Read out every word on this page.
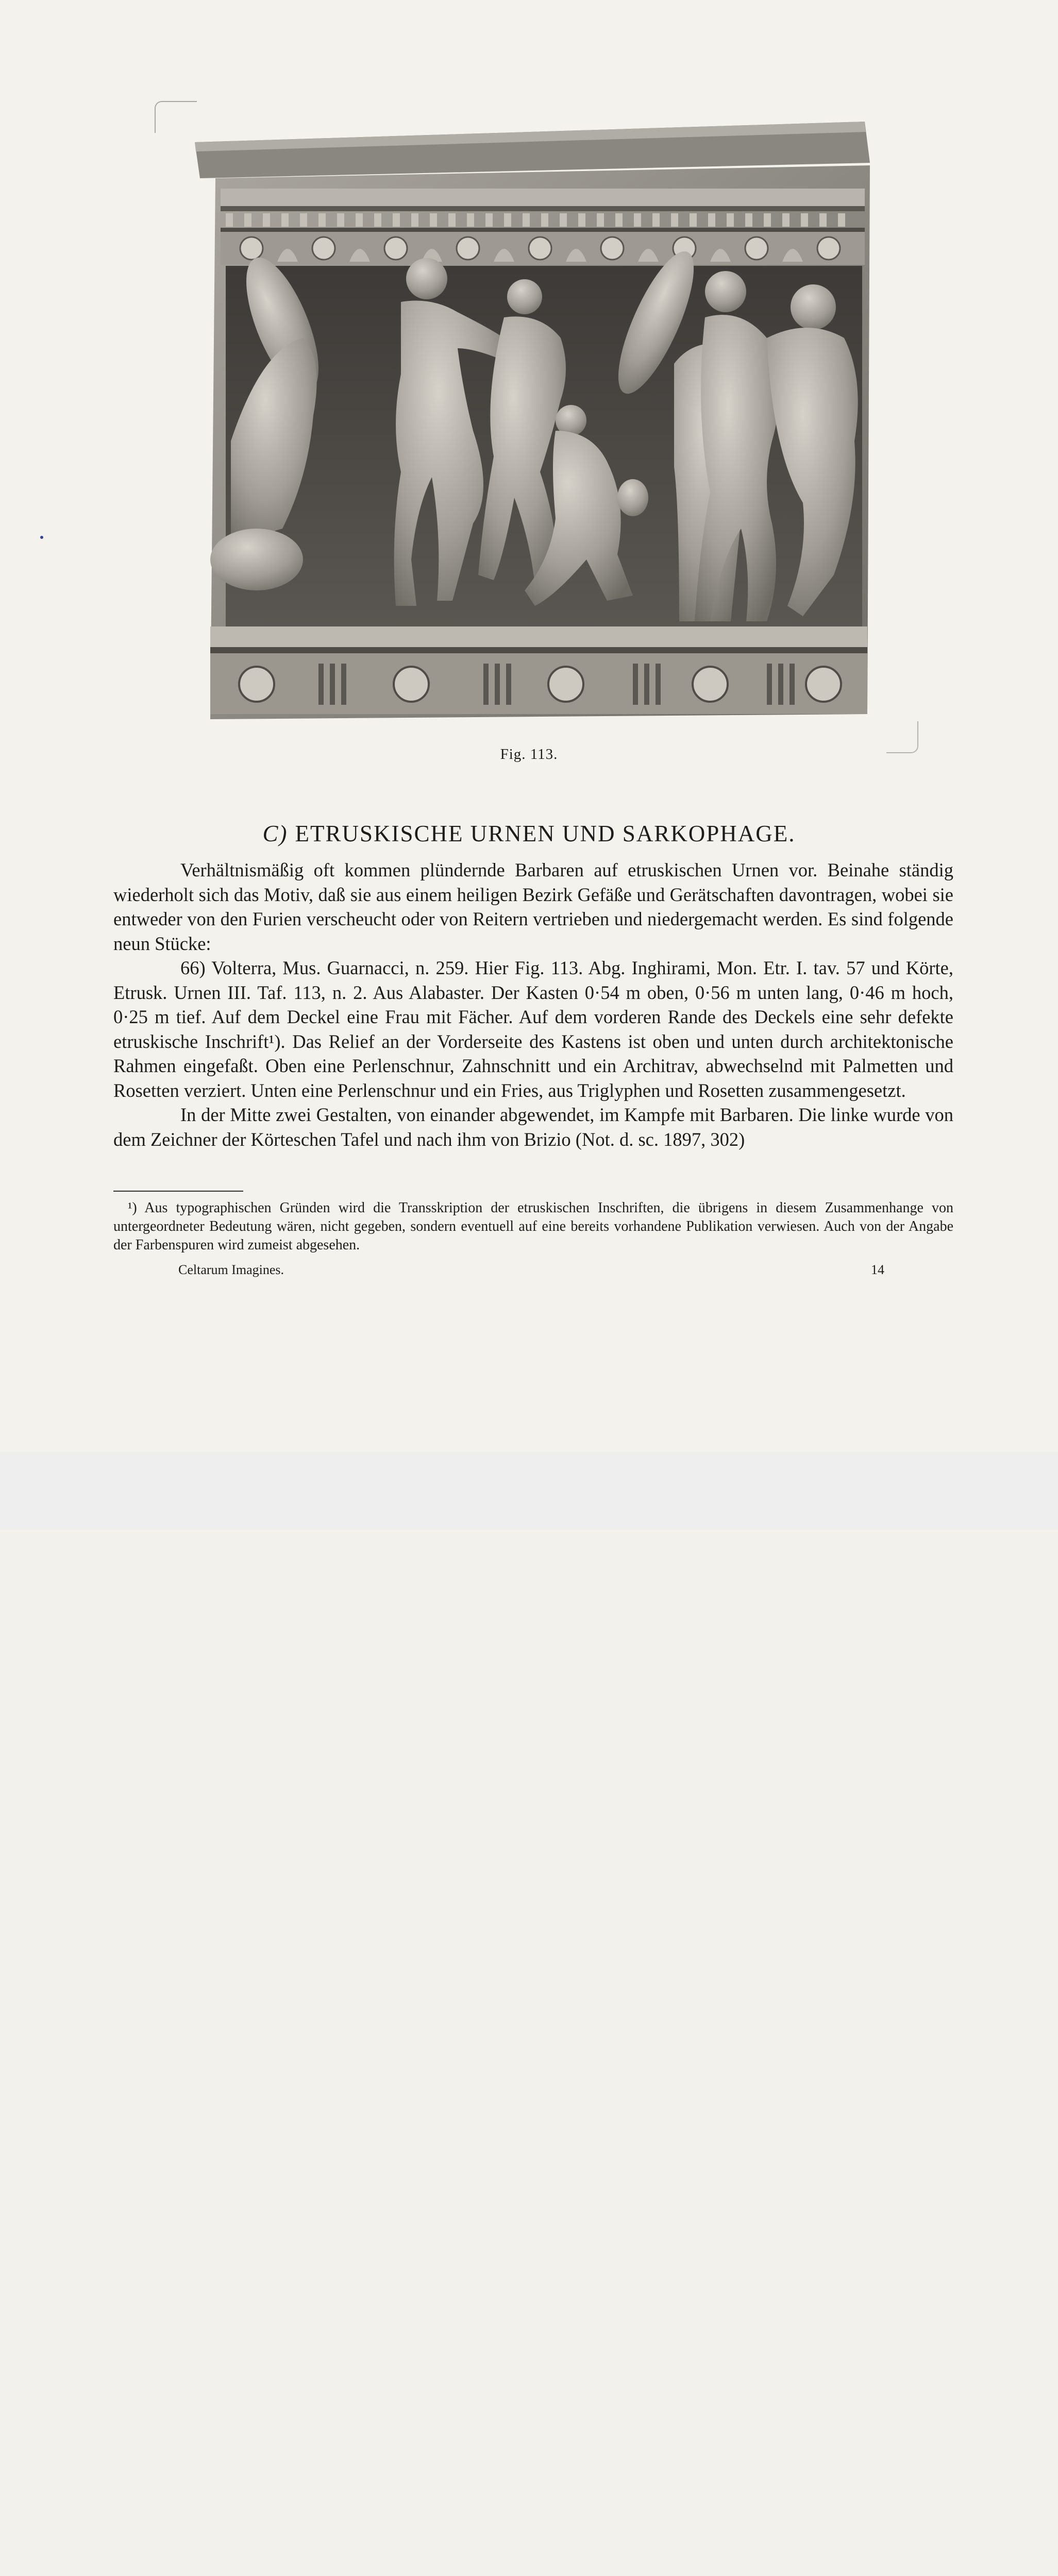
Fig. 113.
C) ETRUSKISCHE URNEN UND SARKOPHAGE.

Verhältnismäßig oft kommen plündernde Barbaren auf etruskischen Urnen vor. Beinahe ständig wiederholt sich das Motiv, daß sie aus einem heiligen Bezirk Gefäße und Gerätschaften davontragen, wobei sie entweder von den Furien verscheucht oder von Reitern vertrieben und niedergemacht werden. Es sind folgende neun Stücke:

66) Volterra, Mus. Guarnacci, n. 259. Hier Fig. 113. Abg. Inghirami, Mon. Etr. I. tav. 57 und Körte, Etrusk. Urnen III. Taf. 113, n. 2. Aus Alabaster. Der Kasten 0·54 m oben, 0·56 m unten lang, 0·46 m hoch, 0·25 m tief. Auf dem Deckel eine Frau mit Fächer. Auf dem vorderen Rande des Deckels eine sehr defekte etruskische Inschrift¹). Das Relief an der Vorderseite des Kastens ist oben und unten durch architektonische Rahmen eingefaßt. Oben eine Perlenschnur, Zahnschnitt und ein Architrav, abwechselnd mit Palmetten und Rosetten verziert. Unten eine Perlenschnur und ein Fries, aus Triglyphen und Rosetten zusammengesetzt.

In der Mitte zwei Gestalten, von einander abgewendet, im Kampfe mit Barbaren. Die linke wurde von dem Zeichner der Körteschen Tafel und nach ihm von Brizio (Not. d. sc. 1897, 302)

¹) Aus typographischen Gründen wird die Transskription der etruskischen Inschriften, die übrigens in diesem Zusammenhange von untergeordneter Bedeutung wären, nicht gegeben, sondern eventuell auf eine bereits vorhandene Publikation verwiesen. Auch von der Angabe der Farbenspuren wird zumeist abgesehen.

Celtarum Imagines.	14
